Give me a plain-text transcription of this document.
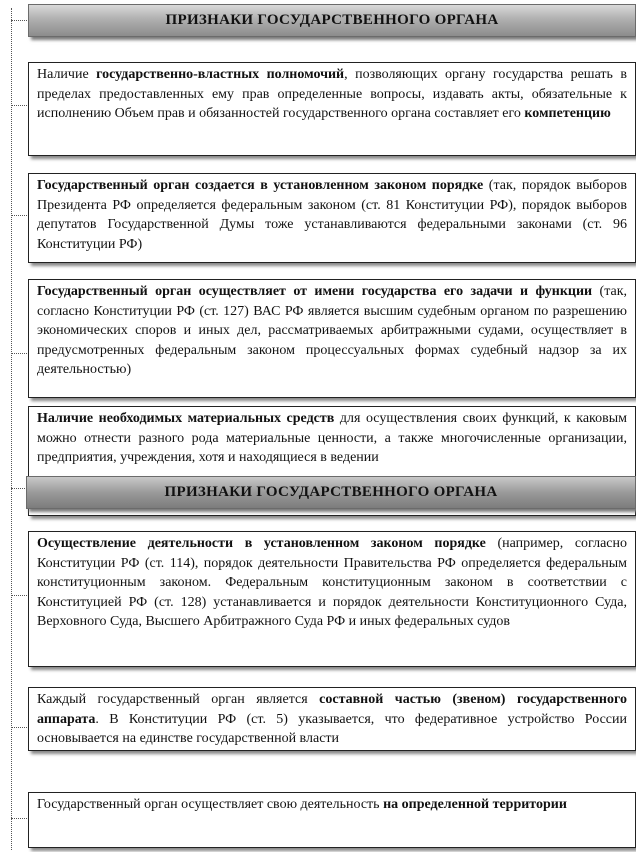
ПРИЗНАКИ ГОСУДАРСТВЕННОГО ОРГАНА
Наличие государственно-властных полномочий, позволяющих органу государства решать в пределах предоставленных ему прав определенные вопросы, издавать акты, обязательные к исполнению Объем прав и обязанностей государственного органа составляет его компетенцию
Государственный орган создается в установленном законом порядке (так, порядок выборов Президента РФ определяется федеральным законом (ст. 81 Конституции РФ), порядок выборов депутатов Государственной Думы тоже устанавливаются федеральными законами (ст. 96 Конституции РФ)
Государственный орган осуществляет от имени государства его задачи и функции (так, согласно Конституции РФ (ст. 127) ВАС РФ является высшим судебным органом по разрешению экономических споров и иных дел, рассматриваемых арбитражными судами, осуществляет в предусмотренных федеральным законом процессуальных формах судебный надзор за их деятельностью)
Наличие необходимых материальных средств для осуществления своих функций, к каковым можно отнести разного рода материальные ценности, а также многочисленные организации, предприятия, учреждения, хотя и находящиеся в ведении
ПРИЗНАКИ ГОСУДАРСТВЕННОГО ОРГАНА
Осуществление деятельности в установленном законом порядке (например, согласно Конституции РФ (ст. 114), порядок деятельности Правительства РФ определяется федеральным конституционным законом. Федеральным конституционным законом в соответствии с Конституцией РФ (ст. 128) устанавливается и порядок деятельности Конституционного Суда, Верховного Суда, Высшего Арбитражного Суда РФ и иных федеральных судов
Каждый государственный орган является составной частью (звеном) государственного аппарата. В Конституции РФ (ст. 5) указывается, что федеративное устройство России основывается на единстве государственной власти
Государственный орган осуществляет свою деятельность на определенной территории
